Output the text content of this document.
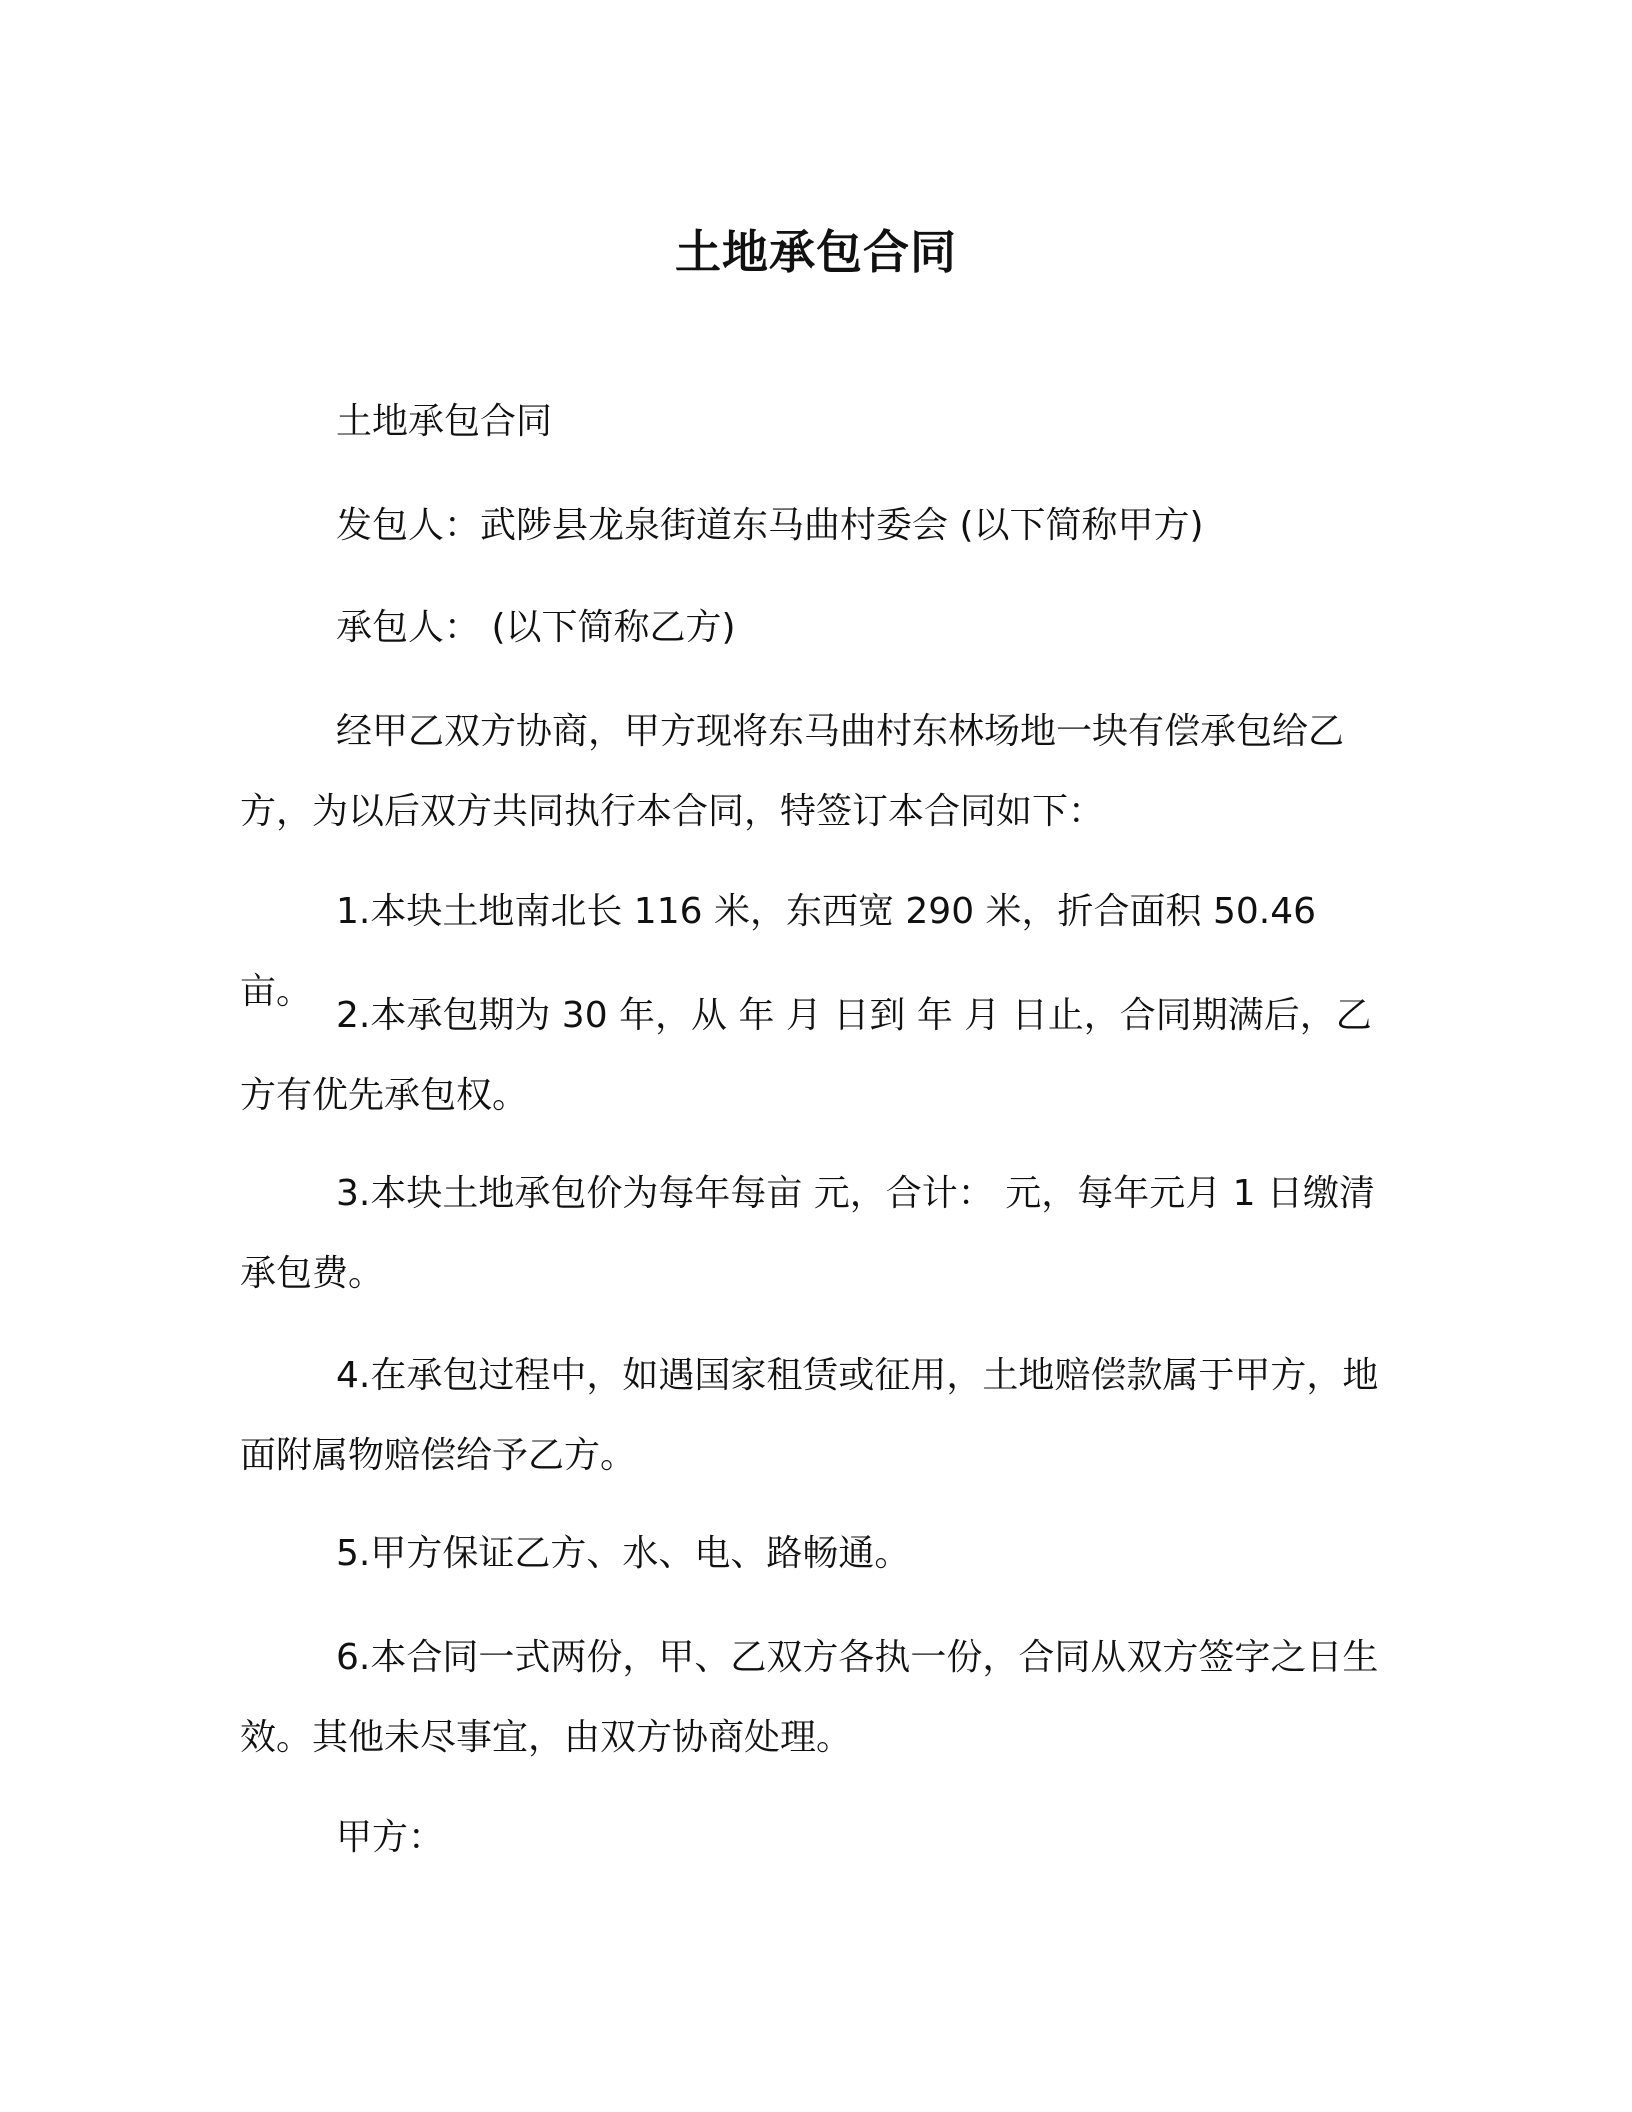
土地承包合同
土地承包合同
发包人：武陟县龙泉街道东马曲村委会 (以下简称甲方)
承包人： (以下简称乙方)
经甲乙双方协商，甲方现将东马曲村东林场地一块有偿承包给乙方，为以后双方共同执行本合同，特签订本合同如下：
1.本块土地南北长 116 米，东西宽 290 米，折合面积 50.46 亩。
2.本承包期为 30 年，从 年 月 日到 年 月 日止，合同期满后，乙方有优先承包权。
3.本块土地承包价为每年每亩 元，合计： 元，每年元月 1 日缴清承包费。
4.在承包过程中，如遇国家租赁或征用，土地赔偿款属于甲方，地面附属物赔偿给予乙方。
5.甲方保证乙方、水、电、路畅通。
6.本合同一式两份，甲、乙双方各执一份，合同从双方签字之日生效。其他未尽事宜，由双方协商处理。
甲方：
